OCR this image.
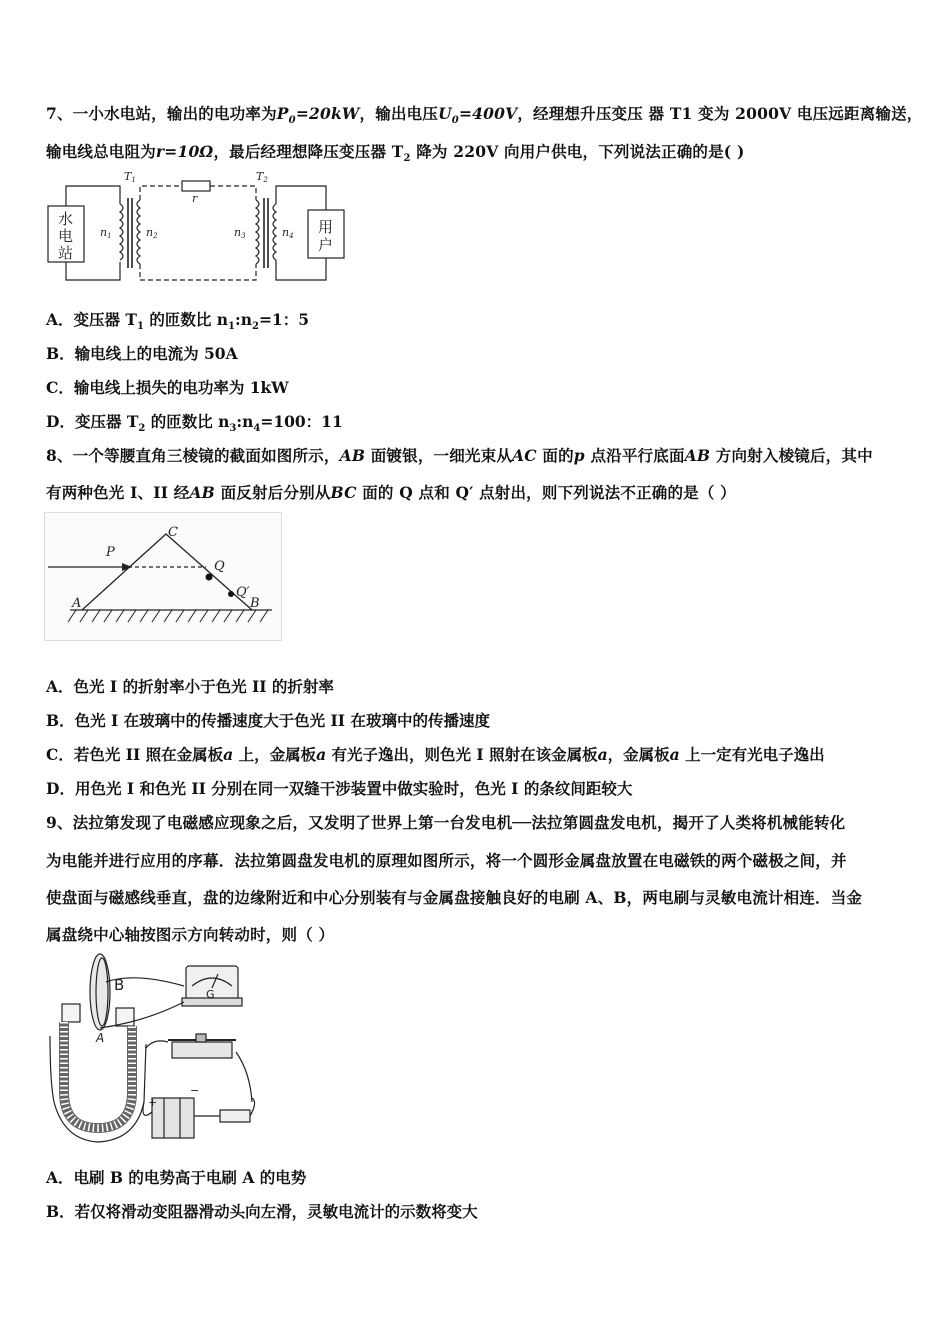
7、一小水电站，输出的电功率为$P_0=20kW$，输出电压$U_0=400V$，经理想升压变压 器 T1 变为 2000V 电压远距离输送，
输电线总电阻为r=10Ω，最后经理想降压变压器 $T_2$ 降为 220V 向用户供电，下列说法正确的是( )
T1	T2
r
n1	n2	n3	n4
水
电
站
用
户
A．变压器 $T_1$ 的匝数比 $n_1:n_2=1$：5
B．输电线上的电流为 50A
C．输电线上损失的电功率为 1kW
D．变压器 $T_2$ 的匝数比 $n_3:n_4=100$：11
8、一个等腰直角三棱镜的截面如图所示，AB 面镀银，一细光束从AC 面的p 点沿平行底面AB 方向射入棱镜后，其中
有两种色光 I、II 经AB 面反射后分别从BC 面的 Q 点和 Q′ 点射出，则下列说法不正确的是（ ）
A	B
C
P
Q
Q′
A．色光 I 的折射率小于色光 II 的折射率
B．色光 I 在玻璃中的传播速度大于色光 II 在玻璃中的传播速度
C．若色光 II 照在金属板a 上，金属板a 有光子逸出，则色光 I 照射在该金属板a，金属板a 上一定有光电子逸出
D．用色光 I 和色光 II 分别在同一双缝干涉装置中做实验时，色光 I 的条纹间距较大
9、法拉第发现了电磁感应现象之后，又发明了世界上第一台发电机──法拉第圆盘发电机，揭开了人类将机械能转化
为电能并进行应用的序幕．法拉第圆盘发电机的原理如图所示，将一个圆形金属盘放置在电磁铁的两个磁极之间，并
使盘面与磁感线垂直，盘的边缘附近和中心分别装有与金属盘接触良好的电刷 A、B，两电刷与灵敏电流计相连．当金
属盘绕中心轴按图示方向转动时，则（ ）
B
A
G
+
−
A．电刷 B 的电势高于电刷 A 的电势
B．若仅将滑动变阻器滑动头向左滑，灵敏电流计的示数将变大
